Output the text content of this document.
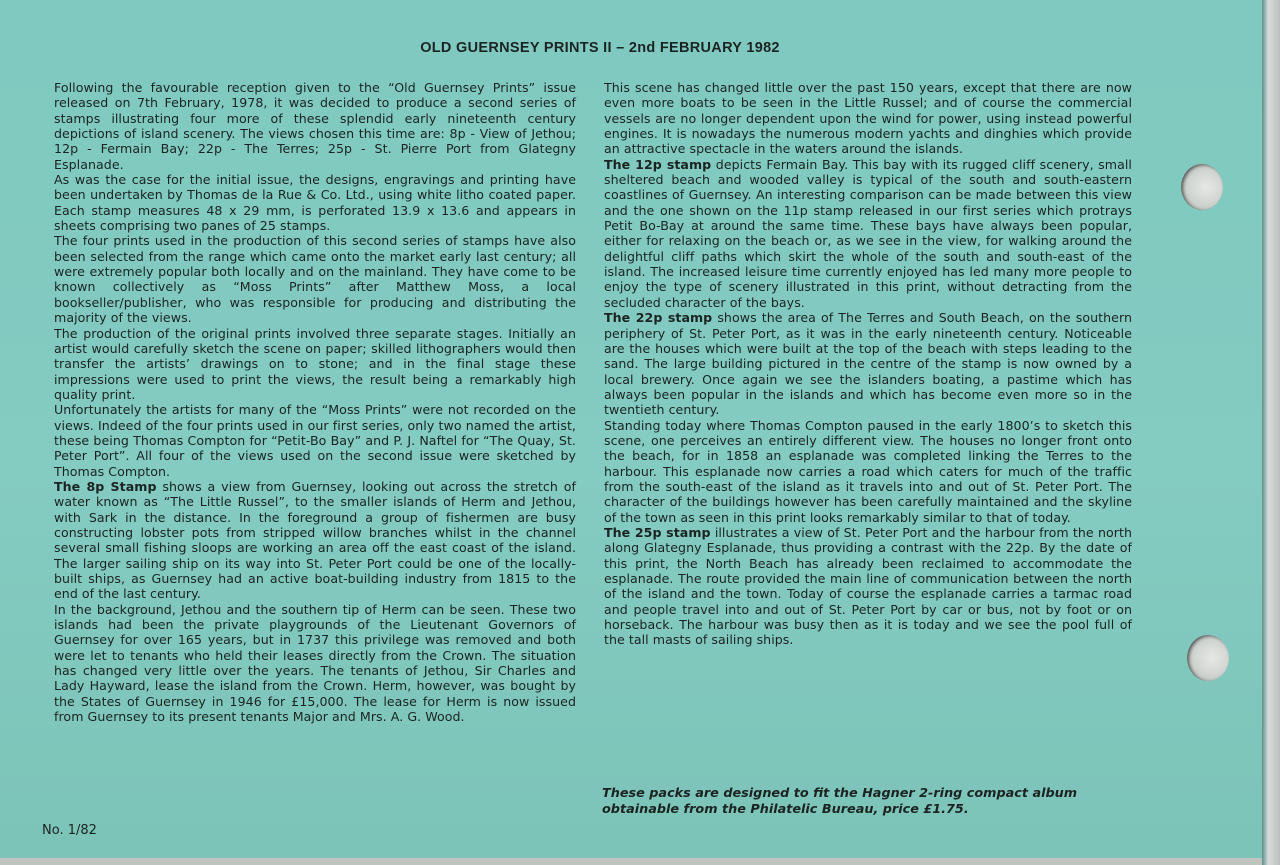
OLD GUERNSEY PRINTS II – 2nd FEBRUARY 1982

Following the favourable reception given to the “Old Guernsey Prints” issue released on 7th February, 1978, it was decided to produce a second series of stamps illustrating four more of these splendid early nineteenth century depictions of island scenery. The views chosen this time are: 8p - View of Jethou; 12p - Fermain Bay; 22p - The Terres; 25p - St. Pierre Port from Glategny Esplanade.

As was the case for the initial issue, the designs, engravings and printing have been undertaken by Thomas de la Rue & Co. Ltd., using white litho coated paper. Each stamp measures 48 x 29 mm, is perforated 13.9 x 13.6 and appears in sheets comprising two panes of 25 stamps.

The four prints used in the production of this second series of stamps have also been selected from the range which came onto the market early last century; all were extremely popular both locally and on the mainland. They have come to be known collectively as “Moss Prints” after Matthew Moss, a local bookseller/publisher, who was responsible for producing and distributing the majority of the views.

The production of the original prints involved three separate stages. Initially an artist would carefully sketch the scene on paper; skilled lithographers would then transfer the artists’ drawings on to stone; and in the final stage these impressions were used to print the views, the result being a remarkably high quality print.

Unfortunately the artists for many of the “Moss Prints” were not recorded on the views. Indeed of the four prints used in our first series, only two named the artist, these being Thomas Compton for “Petit-Bo Bay” and P. J. Naftel for “The Quay, St. Peter Port”. All four of the views used on the second issue were sketched by Thomas Compton.

The 8p Stamp shows a view from Guernsey, looking out across the stretch of water known as “The Little Russel”, to the smaller islands of Herm and Jethou, with Sark in the distance. In the foreground a group of fishermen are busy constructing lobster pots from stripped willow branches whilst in the channel several small fishing sloops are working an area off the east coast of the island. The larger sailing ship on its way into St. Peter Port could be one of the locally-built ships, as Guernsey had an active boat-building industry from 1815 to the end of the last century.

In the background, Jethou and the southern tip of Herm can be seen. These two islands had been the private playgrounds of the Lieutenant Governors of Guernsey for over 165 years, but in 1737 this privilege was removed and both were let to tenants who held their leases directly from the Crown. The situation has changed very little over the years. The tenants of Jethou, Sir Charles and Lady Hayward, lease the island from the Crown. Herm, however, was bought by the States of Guernsey in 1946 for £15,000. The lease for Herm is now issued from Guernsey to its present tenants Major and Mrs. A. G. Wood.

This scene has changed little over the past 150 years, except that there are now even more boats to be seen in the Little Russel; and of course the commercial vessels are no longer dependent upon the wind for power, using instead powerful engines. It is nowadays the numerous modern yachts and dinghies which provide an attractive spectacle in the waters around the islands.

The 12p stamp depicts Fermain Bay. This bay with its rugged cliff scenery, small sheltered beach and wooded valley is typical of the south and south-eastern coastlines of Guernsey. An interesting comparison can be made between this view and the one shown on the 11p stamp released in our first series which protrays Petit Bo-Bay at around the same time. These bays have always been popular, either for relaxing on the beach or, as we see in the view, for walking around the delightful cliff paths which skirt the whole of the south and south-east of the island. The increased leisure time currently enjoyed has led many more people to enjoy the type of scenery illustrated in this print, without detracting from the secluded character of the bays.

The 22p stamp shows the area of The Terres and South Beach, on the southern periphery of St. Peter Port, as it was in the early nineteenth century. Noticeable are the houses which were built at the top of the beach with steps leading to the sand. The large building pictured in the centre of the stamp is now owned by a local brewery. Once again we see the islanders boating, a pastime which has always been popular in the islands and which has become even more so in the twentieth century.

Standing today where Thomas Compton paused in the early 1800’s to sketch this scene, one perceives an entirely different view. The houses no longer front onto the beach, for in 1858 an esplanade was completed linking the Terres to the harbour. This esplanade now carries a road which caters for much of the traffic from the south-east of the island as it travels into and out of St. Peter Port. The character of the buildings however has been carefully maintained and the skyline of the town as seen in this print looks remarkably similar to that of today.

The 25p stamp illustrates a view of St. Peter Port and the harbour from the north along Glategny Esplanade, thus providing a contrast with the 22p. By the date of this print, the North Beach has already been reclaimed to accommodate the esplanade. The route provided the main line of communication between the north of the island and the town. Today of course the esplanade carries a tarmac road and people travel into and out of St. Peter Port by car or bus, not by foot or on horseback. The harbour was busy then as it is today and we see the pool full of the tall masts of sailing ships.

These packs are designed to fit the Hagner 2-ring compact album obtainable from the Philatelic Bureau, price £1.75.
No. 1/82
